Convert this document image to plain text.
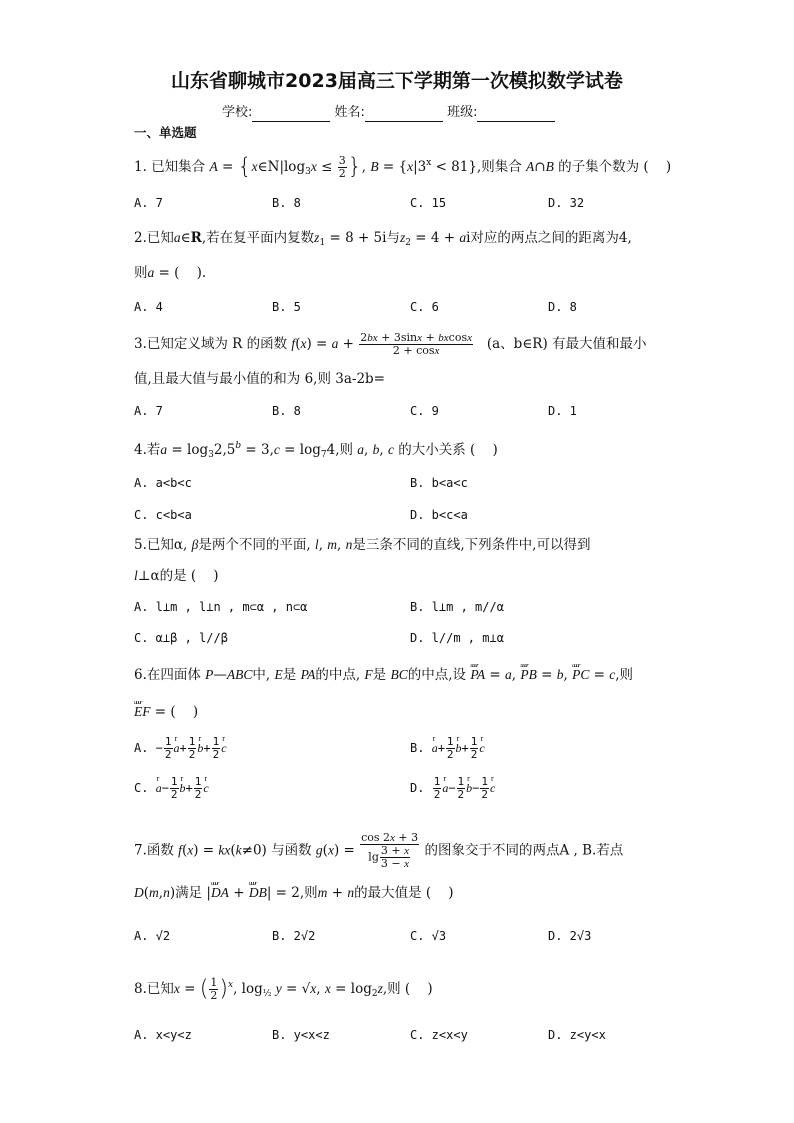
山东省聊城市2023届高三下学期第一次模拟数学试卷
学校:	姓名:	班级:
一、单选题
1. 已知集合 $A = \{x\in N|\log_3x \le \frac{3}{2}$ }, $B = \{x|3^x < 81\}$,则集合 A∩B 的子集个数为 (    )
A. 7	B. 8	C. 15	D. 32
2.已知a∈R,若在复平面内复数$z_1 = 8 + 5i$与$z_2 = 4$ + ai对应的两点之间的距离为4,
则a = (    ).
A. 4	B. 5	C. 6	D. 8
3.已知定义域为 R 的函数 $f(x) = a + \frac{2bx + 3\sin x + bxcosx}{2 + \cos x} (a$、b∈R) 有最大值和最小
值,且最大值与最小值的和为 6,则 3a-2b=
A. 7	B. 8	C. 9	D. 1
4.若$a = \log_32,5^b = 3,c = \log_74$,则 a, b, c 的大小关系 (    )
A. a<b<c	B. b<a<c
C. c<b<a	D. b<c<a
5.已知α, β是两个不同的平面, l, m, n是三条不同的直线,下列条件中,可以得到
l⊥α的是 (    )
A. l⊥m , l⊥n , m⊂α , n⊂α	B. l⊥m , m//α
C. α⊥β , l//β	D. l//m , m⊥α
6.在四面体 P—ABC中, E是 PA的中点, F是 BC的中点,设 uuur PA = a, uuur PB = b, uuur PC = c,则
uuur EF = (    )
A. − $\frac{1}{2}$ r $a+ \frac{1}{2}$ r $b+ \frac{1}{2}$ r c	B. r $a+ \frac{1}{2}$ r $b+ \frac{1}{2}$ r c
C. r $a- \frac{1}{2}$ r $b+ \frac{1}{2}$ r c	D. $\frac{1}{2}$ r $a- \frac{1}{2}$ r $b- \frac{1}{2}$ r c
7.函数 f(x) = kx(k≠0) 与函数 $g(x) = \frac{\cos 2x + 3}{\lg \frac{3 + x}{3 - x}}$ 的图象交于不同的两点A , B.若点
D(m,n)满足 |uuur DA + uuur DB| = 2,则m + n的最大值是 (    )
A. √2	B. 2√2	C. √3	D. 2√3
8.已知x = ( $\frac{1}{2} )^x$, $\log_{\frac{1}{2}} y = √x$, $x = \log_2z$,则 (    )
A. x<y<z	B. y<x<z	C. z<x<y	D. z<y<x
